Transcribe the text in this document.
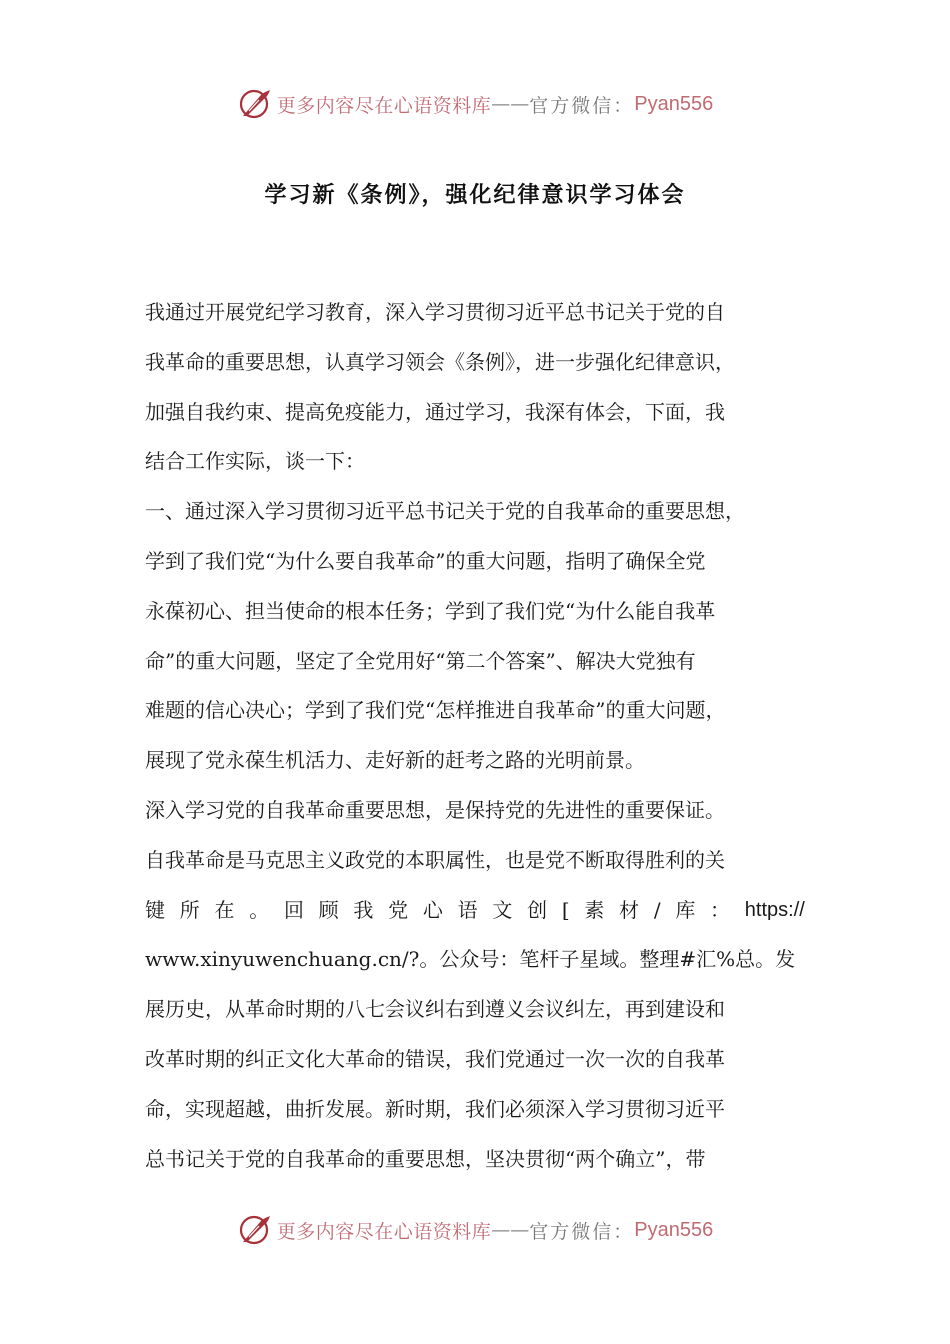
更多内容尽在心语资料库 —— 官方微信： Pyan556
学习新《条例》，强化纪律意识学习体会
我通过开展党纪学习教育，深入学习贯彻习近平总书记关于党的自
我革命的重要思想，认真学习领会《条例》，进一步强化纪律意识，
加强自我约束、提高免疫能力，通过学习，我深有体会，下面，我
结合工作实际，谈一下：
一、通过深入学习贯彻习近平总书记关于党的自我革命的重要思想，
学到了我们党“为什么要自我革命”的重大问题，指明了确保全党
永葆初心、担当使命的根本任务；学到了我们党“为什么能自我革
命”的重大问题，坚定了全党用好“第二个答案”、解决大党独有
难题的信心决心；学到了我们党“怎样推进自我革命”的重大问题，
展现了党永葆生机活力、走好新的赶考之路的光明前景。
深入学习党的自我革命重要思想，是保持党的先进性的重要保证。
自我革命是马克思主义政党的本职属性，也是党不断取得胜利的关
键 所 在 。 回 顾 我 党 心 语 文 创 [ 素 材 / 库 ： https://
www.xinyuwenchuang.cn/?。公众号：笔杆子星域。整理#汇%总。发
展历史，从革命时期的八七会议纠右到遵义会议纠左，再到建设和
改革时期的纠正文化大革命的错误，我们党通过一次一次的自我革
命，实现超越，曲折发展。新时期，我们必须深入学习贯彻习近平
总书记关于党的自我革命的重要思想，坚决贯彻“两个确立”，带
更多内容尽在心语资料库 —— 官方微信： Pyan556
